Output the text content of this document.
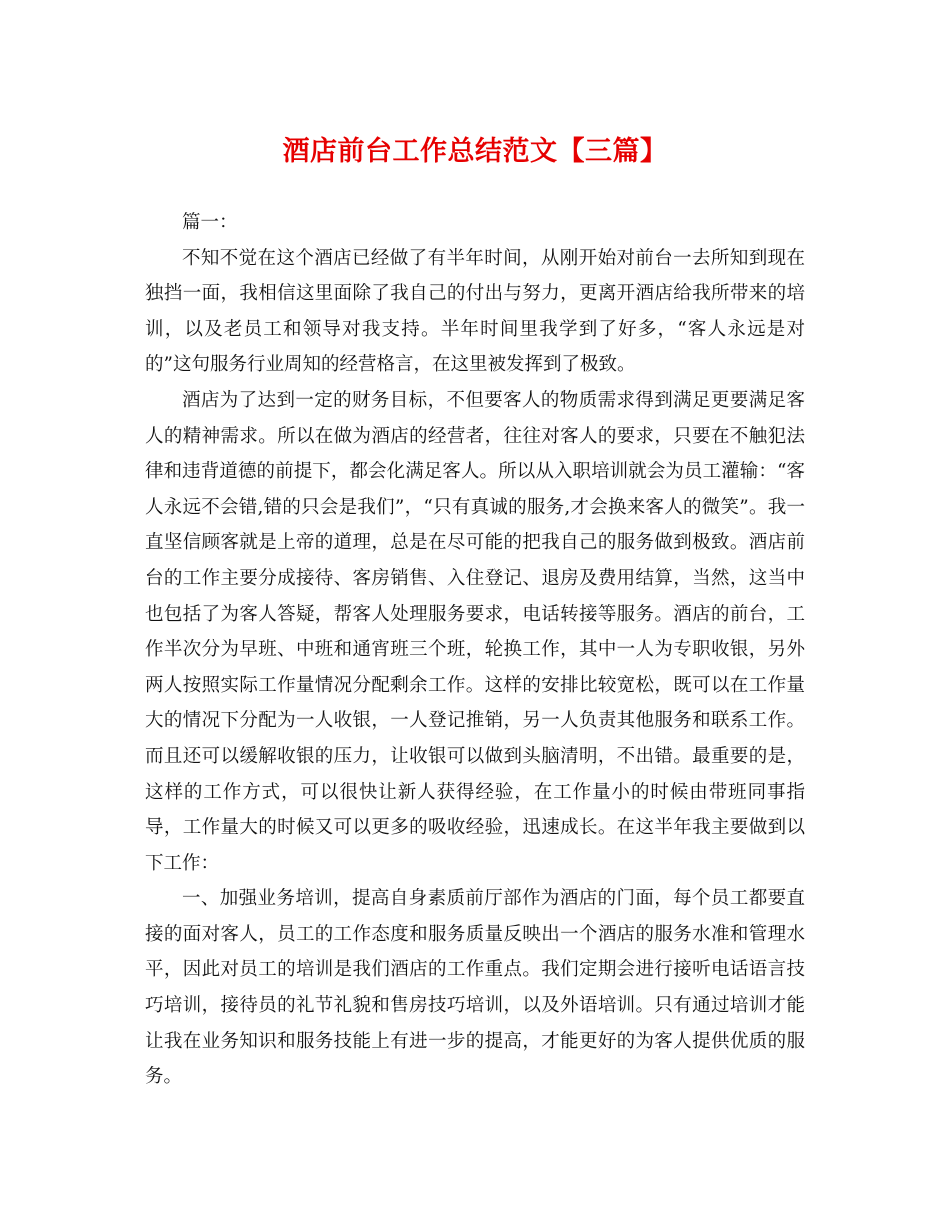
酒店前台工作总结范文【三篇】

篇一：

不知不觉在这个酒店已经做了有半年时间，从刚开始对前台一去所知到现在独挡一面，我相信这里面除了我自己的付出与努力，更离开酒店给我所带来的培训，以及老员工和领导对我支持。半年时间里我学到了好多，“客人永远是对的”这句服务行业周知的经营格言，在这里被发挥到了极致。

酒店为了达到一定的财务目标，不但要客人的物质需求得到满足更要满足客人的精神需求。所以在做为酒店的经营者，往往对客人的要求，只要在不触犯法律和违背道德的前提下，都会化满足客人。所以从入职培训就会为员工灌输：“客人永远不会错,错的只会是我们”，“只有真诚的服务,才会换来客人的微笑”。我一直坚信顾客就是上帝的道理，总是在尽可能的把我自己的服务做到极致。酒店前台的工作主要分成接待、客房销售、入住登记、退房及费用结算，当然，这当中也包括了为客人答疑，帮客人处理服务要求，电话转接等服务。酒店的前台，工作半次分为早班、中班和通宵班三个班，轮换工作，其中一人为专职收银，另外两人按照实际工作量情况分配剩余工作。这样的安排比较宽松，既可以在工作量大的情况下分配为一人收银，一人登记推销，另一人负责其他服务和联系工作。而且还可以缓解收银的压力，让收银可以做到头脑清明，不出错。最重要的是，这样的工作方式，可以很快让新人获得经验，在工作量小的时候由带班同事指导，工作量大的时候又可以更多的吸收经验，迅速成长。在这半年我主要做到以下工作：

一、加强业务培训，提高自身素质前厅部作为酒店的门面，每个员工都要直接的面对客人，员工的工作态度和服务质量反映出一个酒店的服务水准和管理水平，因此对员工的培训是我们酒店的工作重点。我们定期会进行接听电话语言技巧培训，接待员的礼节礼貌和售房技巧培训，以及外语培训。只有通过培训才能让我在业务知识和服务技能上有进一步的提高，才能更好的为客人提供优质的服务。
